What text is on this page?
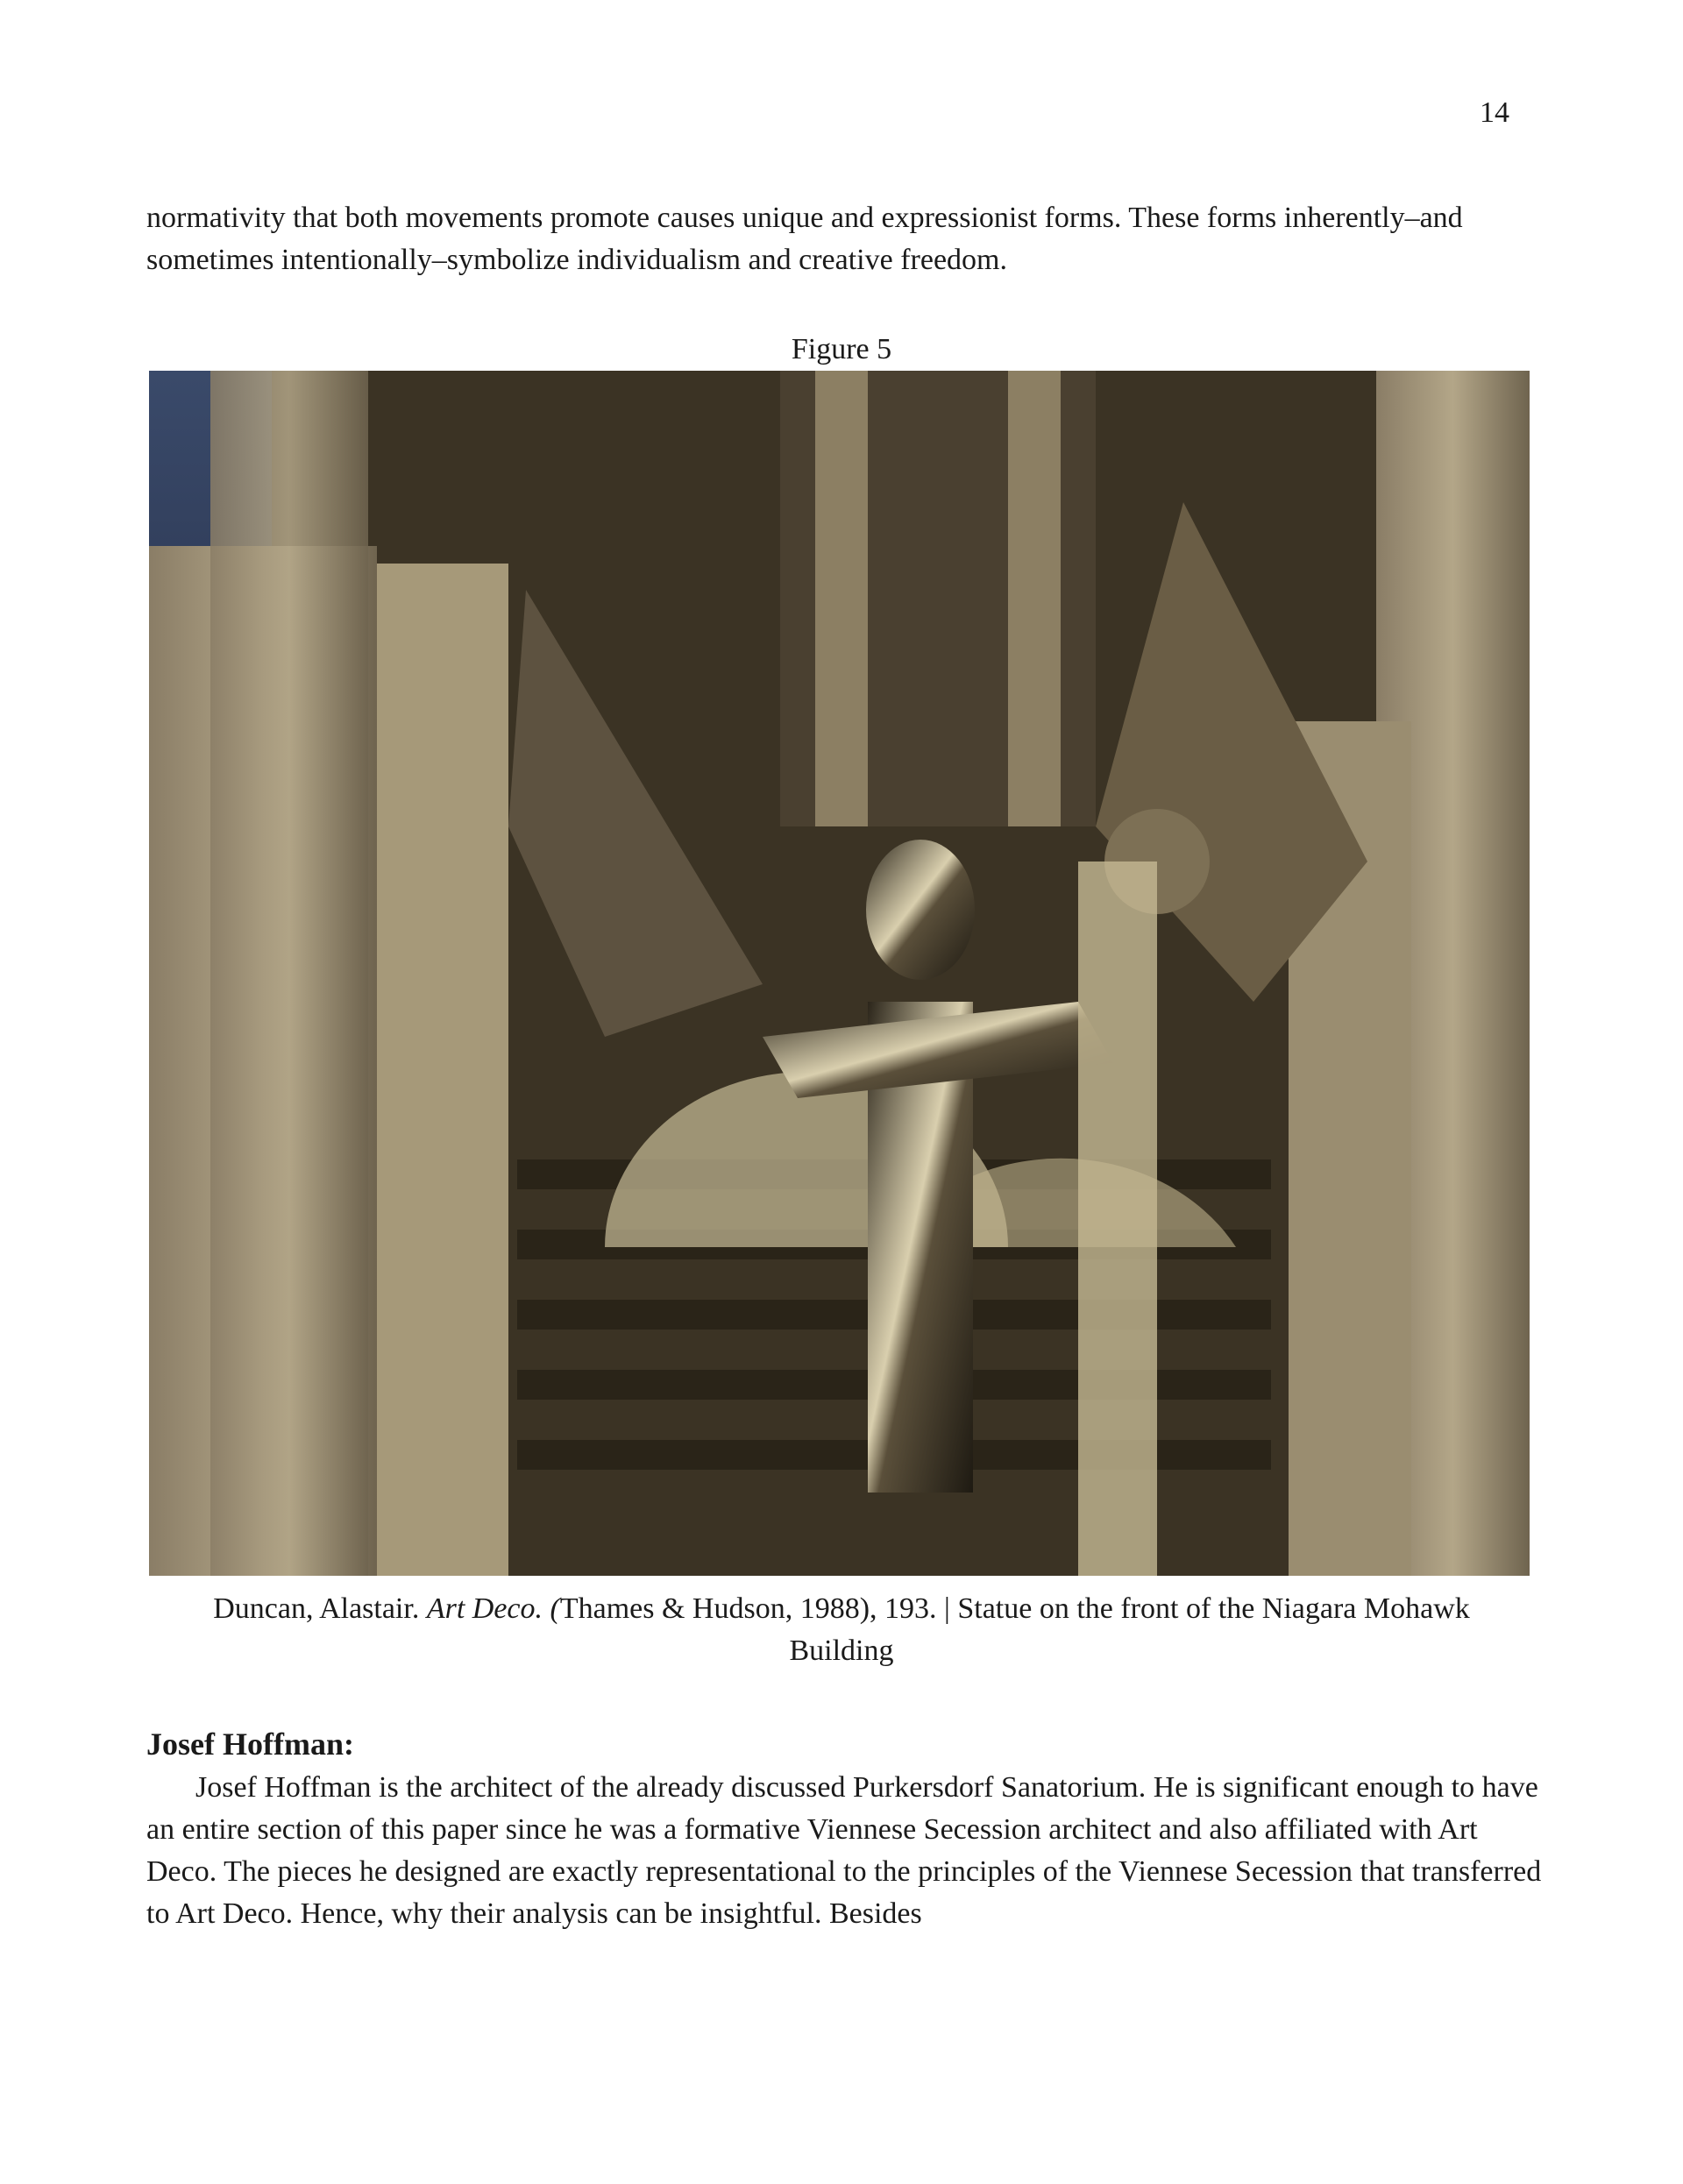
14

normativity that both movements promote causes unique and expressionist forms. These forms inherently–and sometimes intentionally–symbolize individualism and creative freedom.

Figure 5
Duncan, Alastair. Art Deco. (Thames & Hudson, 1988), 193. | Statue on the front of the Niagara Mohawk Building
Josef Hoffman:

Josef Hoffman is the architect of the already discussed Purkersdorf Sanatorium. He is significant enough to have an entire section of this paper since he was a formative Viennese Secession architect and also affiliated with Art Deco. The pieces he designed are exactly representational to the principles of the Viennese Secession that transferred to Art Deco. Hence, why their analysis can be insightful. Besides
